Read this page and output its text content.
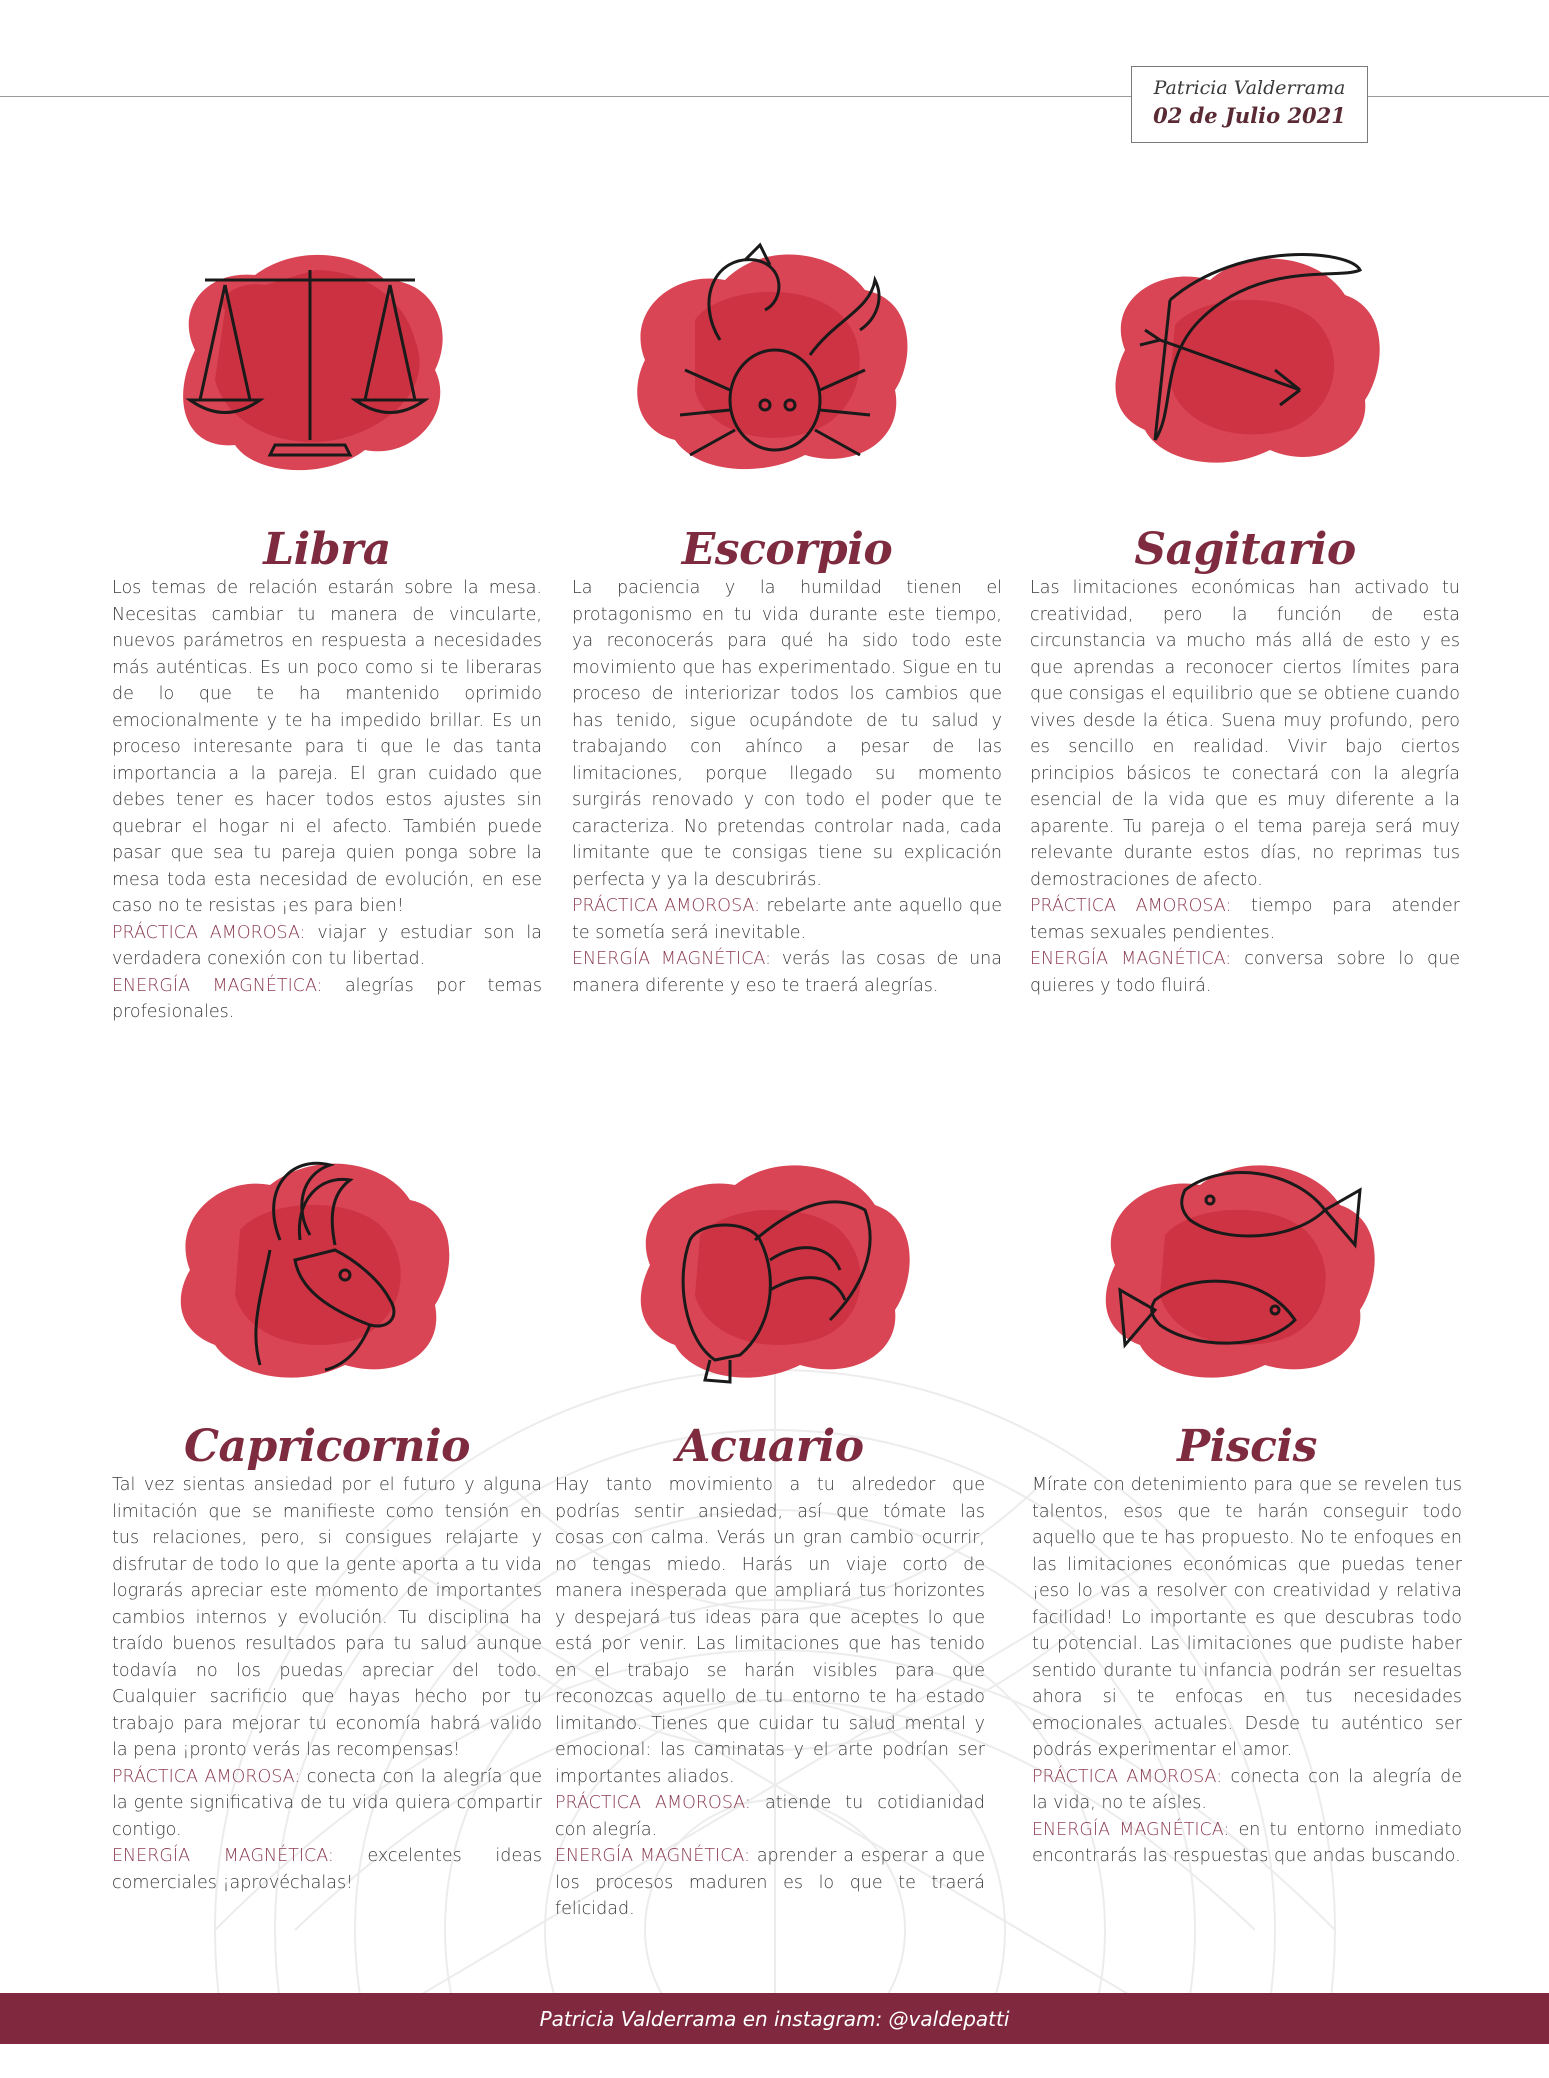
Patricia Valderrama
02 de Julio 2021
Libra

Los temas de relación estarán sobre la mesa. Necesitas cambiar tu manera de vincularte, nuevos parámetros en respuesta a necesidades más auténticas. Es un poco como si te liberaras de lo que te ha mantenido oprimido emocionalmente y te ha impedido brillar. Es un proceso interesante para ti que le das tanta importancia a la pareja. El gran cuidado que debes tener es hacer todos estos ajustes sin quebrar el hogar ni el afecto. También puede pasar que sea tu pareja quien ponga sobre la mesa toda esta necesidad de evolución, en ese caso no te resistas ¡es para bien!

PRÁCTICA AMOROSA: viajar y estudiar son la verdadera conexión con tu libertad.

ENERGÍA MAGNÉTICA: alegrías por temas profesionales.

Escorpio

La paciencia y la humildad tienen el protagonismo en tu vida durante este tiempo, ya reconocerás para qué ha sido todo este movimiento que has experimentado. Sigue en tu proceso de interiorizar todos los cambios que has tenido, sigue ocupándote de tu salud y trabajando con ahínco a pesar de las limitaciones, porque llegado su momento surgirás renovado y con todo el poder que te caracteriza. No pretendas controlar nada, cada limitante que te consigas tiene su explicación perfecta y ya la descubrirás.

PRÁCTICA AMOROSA: rebelarte ante aquello que te sometía será inevitable.

ENERGÍA MAGNÉTICA: verás las cosas de una manera diferente y eso te traerá alegrías.

Sagitario

Las limitaciones económicas han activado tu creatividad, pero la función de esta circunstancia va mucho más allá de esto y es que aprendas a reconocer ciertos límites para que consigas el equilibrio que se obtiene cuando vives desde la ética. Suena muy profundo, pero es sencillo en realidad. Vivir bajo ciertos principios básicos te conectará con la alegría esencial de la vida que es muy diferente a la aparente. Tu pareja o el tema pareja será muy relevante durante estos días, no reprimas tus demostraciones de afecto.

PRÁCTICA AMOROSA: tiempo para atender temas sexuales pendientes.

ENERGÍA MAGNÉTICA: conversa sobre lo que quieres y todo fluirá.

Capricornio

Tal vez sientas ansiedad por el futuro y alguna limitación que se manifieste como tensión en tus relaciones, pero, si consigues relajarte y disfrutar de todo lo que la gente aporta a tu vida lograrás apreciar este momento de importantes cambios internos y evolución. Tu disciplina ha traído buenos resultados para tu salud aunque todavía no los puedas apreciar del todo. Cualquier sacrificio que hayas hecho por tu trabajo para mejorar tu economía habrá valido la pena ¡pronto verás las recompensas!

PRÁCTICA AMOROSA: conecta con la alegría que la gente significativa de tu vida quiera compartir contigo.

ENERGÍA MAGNÉTICA: excelentes ideas comerciales ¡aprovéchalas!

Acuario

Hay tanto movimiento a tu alrededor que podrías sentir ansiedad, así que tómate las cosas con calma. Verás un gran cambio ocurrir, no tengas miedo. Harás un viaje corto de manera inesperada que ampliará tus horizontes y despejará tus ideas para que aceptes lo que está por venir. Las limitaciones que has tenido en el trabajo se harán visibles para que reconozcas aquello de tu entorno te ha estado limitando. Tienes que cuidar tu salud mental y emocional: las caminatas y el arte podrían ser importantes aliados.

PRÁCTICA AMOROSA: atiende tu cotidianidad con alegría.

ENERGÍA MAGNÉTICA: aprender a esperar a que los procesos maduren es lo que te traerá felicidad.

Piscis

Mírate con detenimiento para que se revelen tus talentos, esos que te harán conseguir todo aquello que te has propuesto. No te enfoques en las limitaciones económicas que puedas tener ¡eso lo vas a resolver con creatividad y relativa facilidad! Lo importante es que descubras todo tu potencial. Las limitaciones que pudiste haber sentido durante tu infancia podrán ser resueltas ahora si te enfocas en tus necesidades emocionales actuales. Desde tu auténtico ser podrás experimentar el amor.

PRÁCTICA AMOROSA: conecta con la alegría de la vida, no te aísles.

ENERGÍA MAGNÉTICA: en tu entorno inmediato encontrarás las respuestas que andas buscando.

Patricia Valderrama en instagram: @valdepatti
